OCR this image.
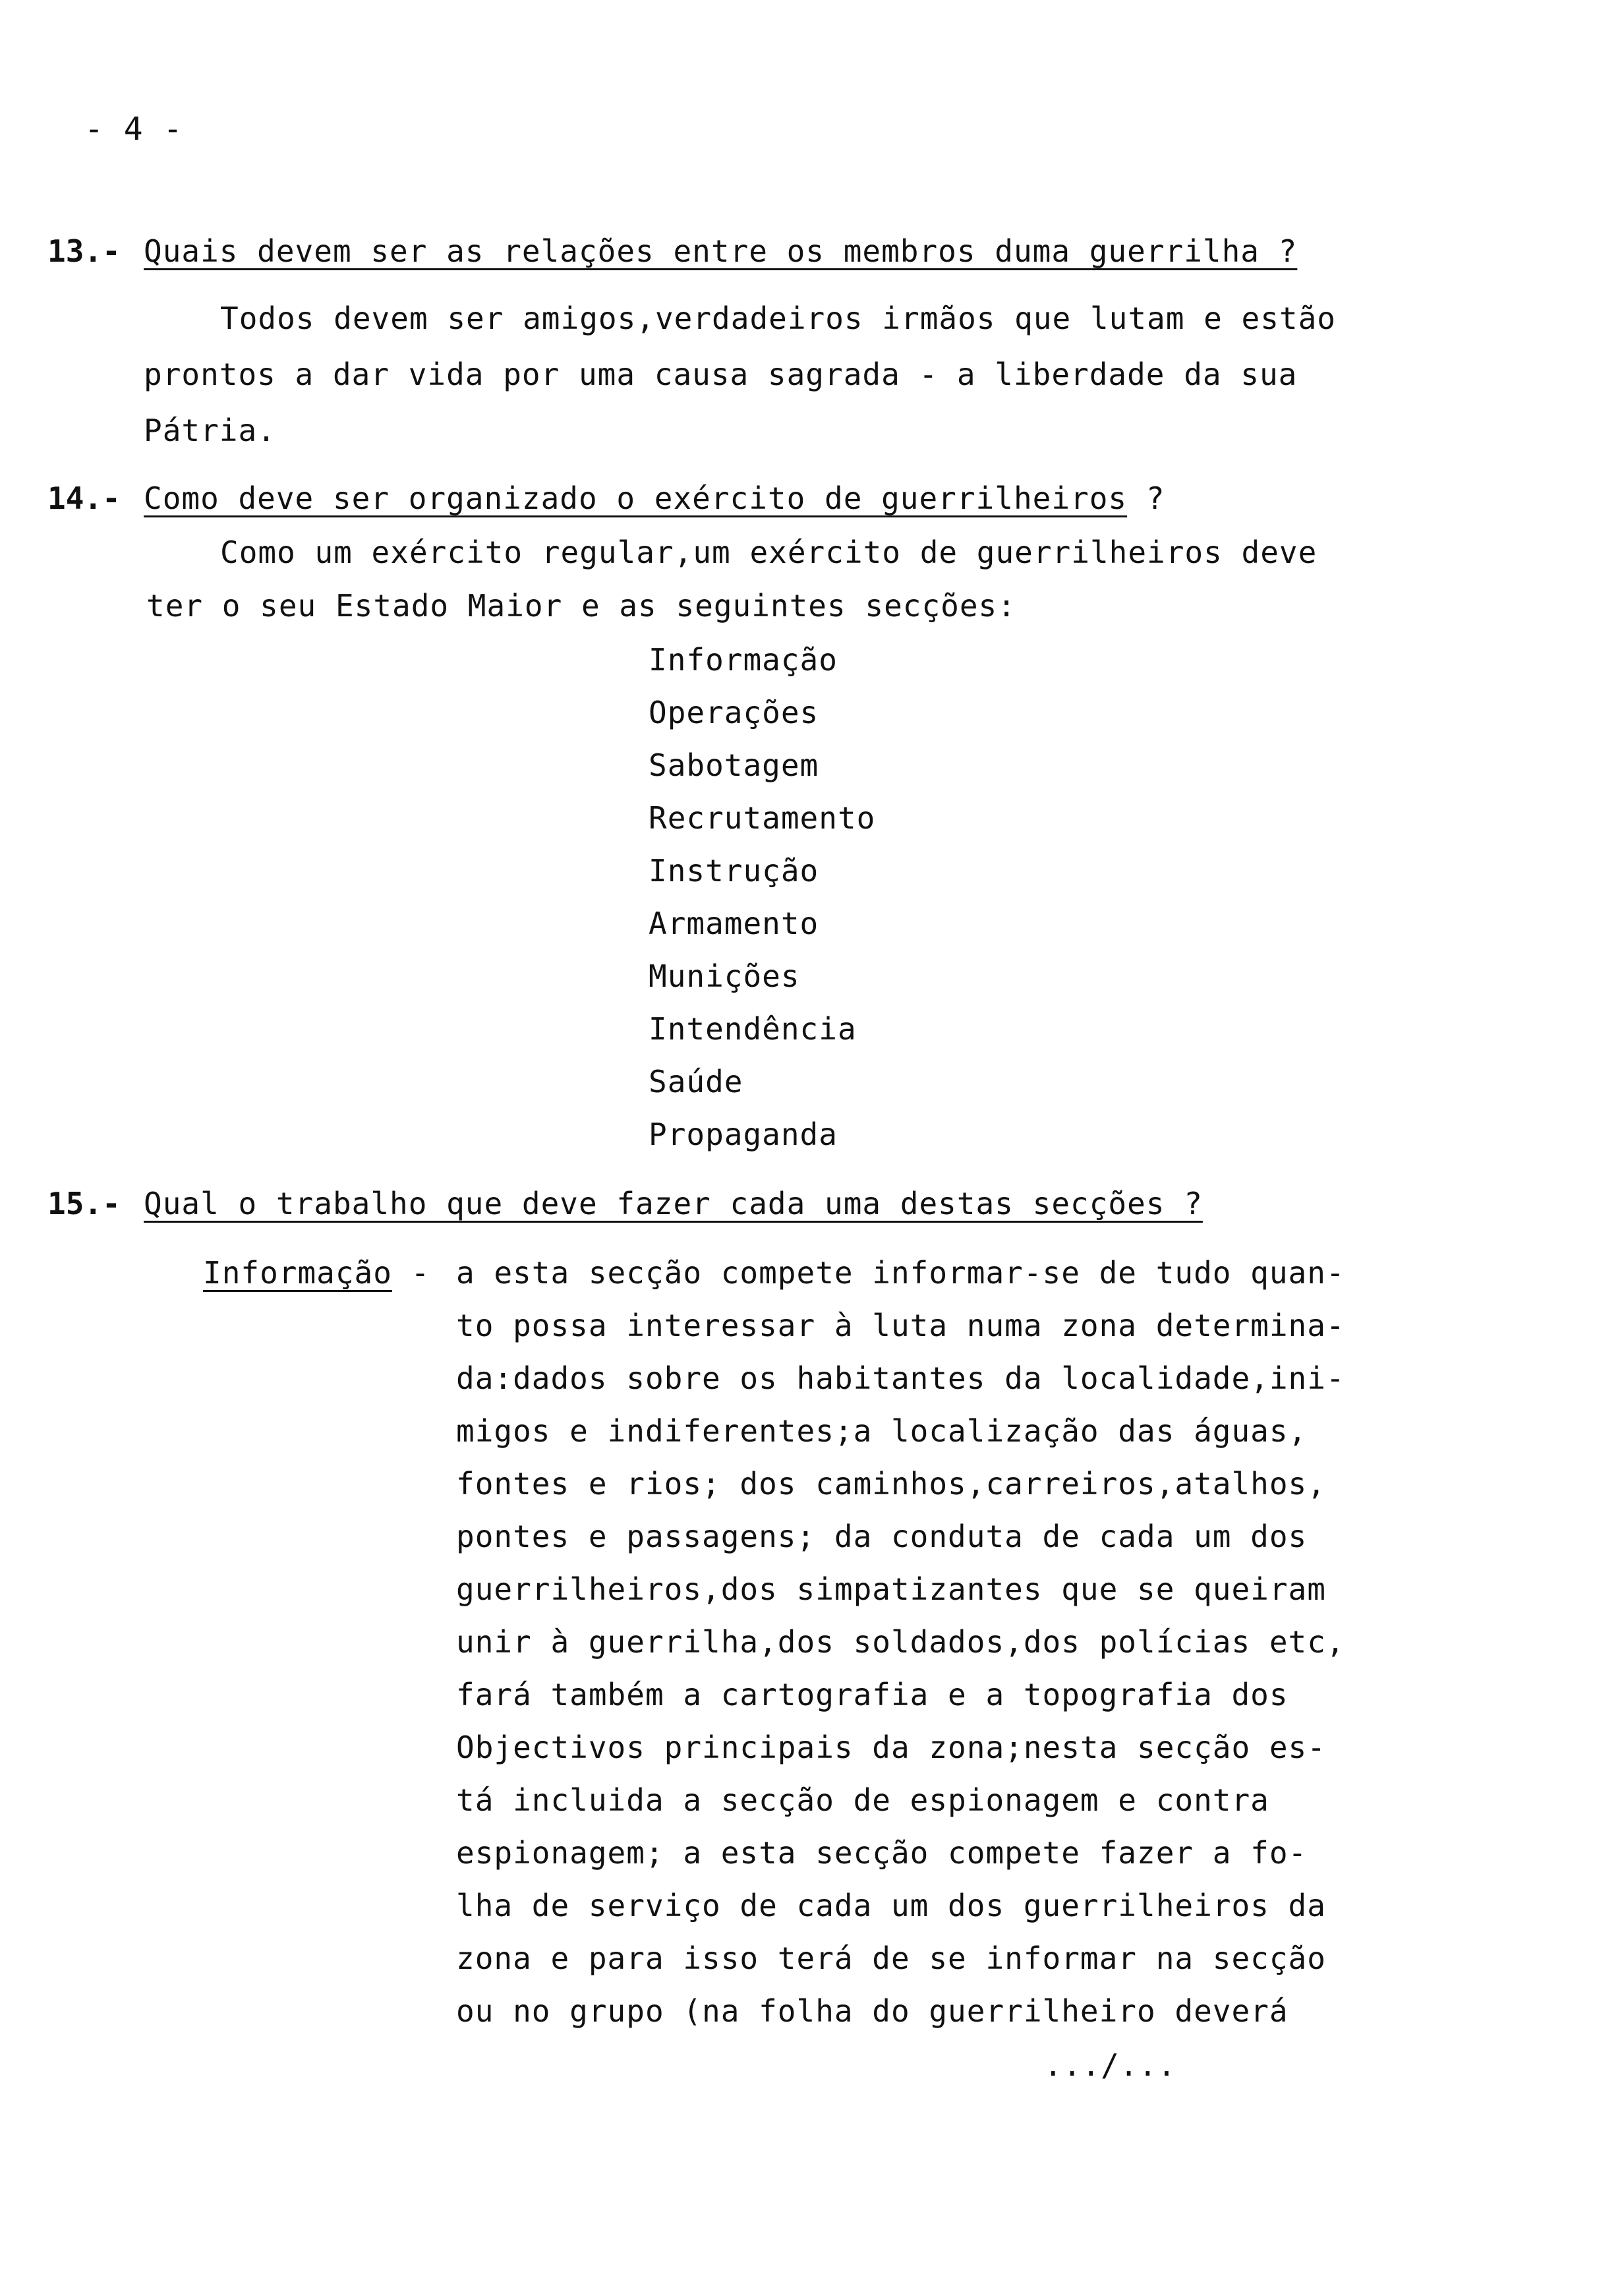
- 4 -
13.- Quais devem ser as relações entre os membros duma guerrilha ?
Todos devem ser amigos,verdadeiros irmãos que lutam e estão
prontos a dar vida por uma causa sagrada - a liberdade da sua
Pátria.
14.- Como deve ser organizado o exército de guerrilheiros ?
Como um exército regular,um exército de guerrilheiros deve
ter o seu Estado Maior e as seguintes secções:
Informação
Operações
Sabotagem
Recrutamento
Instrução
Armamento
Munições
Intendência
Saúde
Propaganda
15.- Qual o trabalho que deve fazer cada uma destas secções ?
Informação - a esta secção compete informar-se de tudo quan-
to possa interessar à luta numa zona determina-
da:dados sobre os habitantes da localidade,ini-
migos e indiferentes;a localização das águas,
fontes e rios; dos caminhos,carreiros,atalhos,
pontes e passagens; da conduta de cada um dos
guerrilheiros,dos simpatizantes que se queiram
unir à guerrilha,dos soldados,dos polícias etc,
fará também a cartografia e a topografia dos
Objectivos principais da zona;nesta secção es-
tá incluida a secção de espionagem e contra
espionagem; a esta secção compete fazer a fo-
lha de serviço de cada um dos guerrilheiros da
zona e para isso terá de se informar na secção
ou no grupo (na folha do guerrilheiro deverá
.../...
